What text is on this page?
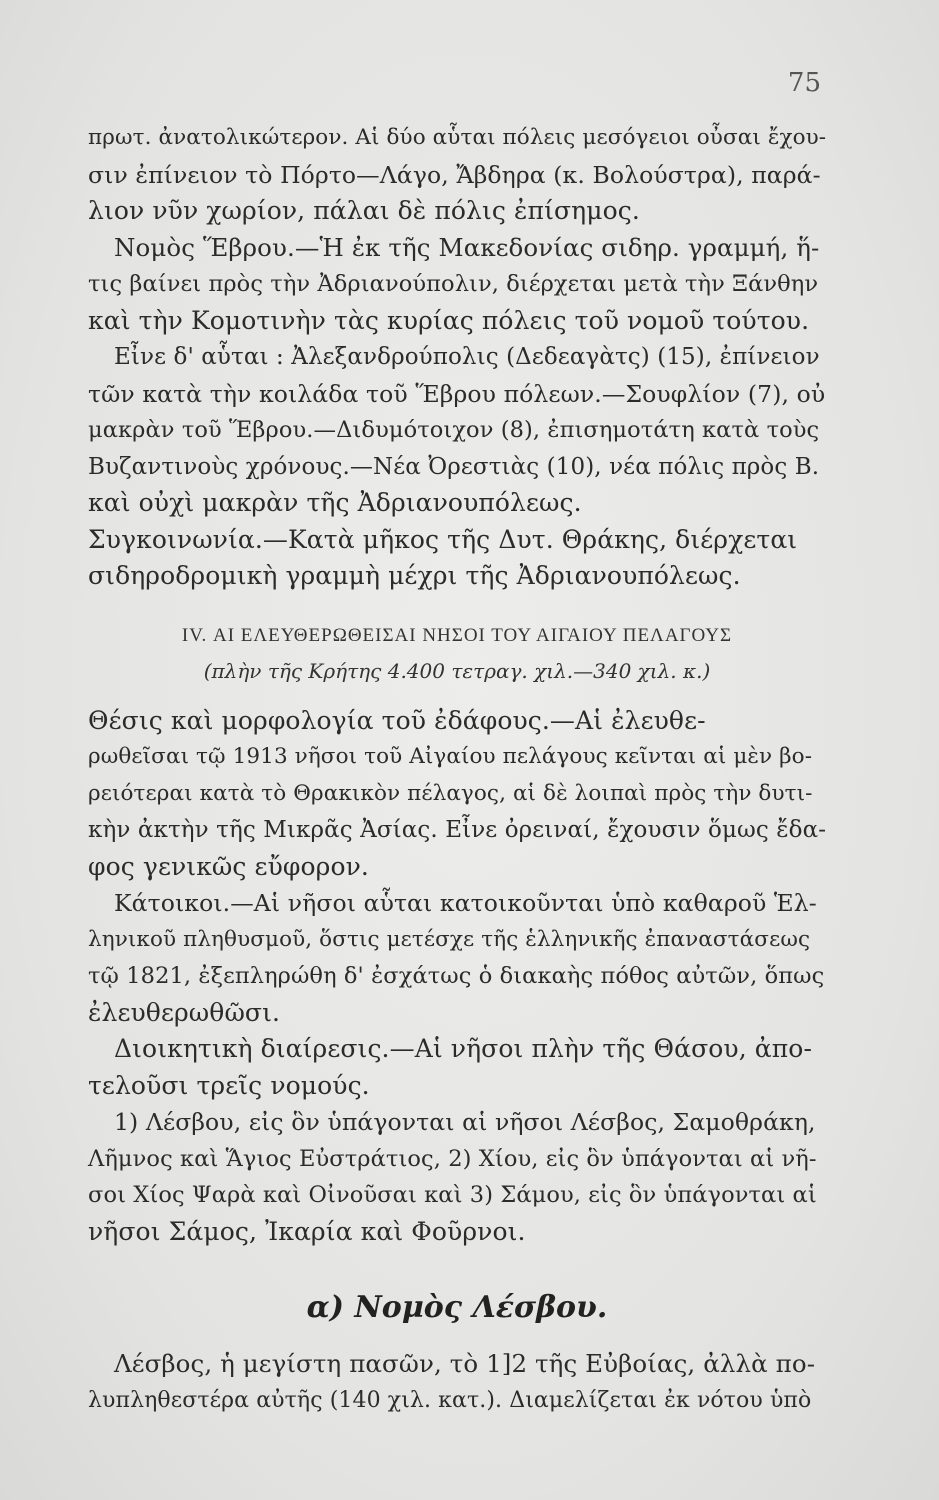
75
πρωτ. ἀνατολικώτερον. Αἱ δύο αὗται πόλεις μεσόγειοι οὖσαι ἔχου-
σιν ἐπίνειον τὸ Πόρτο—Λάγο, Ἄβδηρα (κ. Βολούστρα), παρά-
λιον νῦν χωρίον, πάλαι δὲ πόλις ἐπίσημος.
Νομὸς Ἕβρου.—Ἡ ἐκ τῆς Μακεδονίας σιδηρ. γραμμή, ἥ-
τις βαίνει πρὸς τὴν Ἀδριανούπολιν, διέρχεται μετὰ τὴν Ξάνθην
καὶ τὴν Κομοτινὴν τὰς κυρίας πόλεις τοῦ νομοῦ τούτου.
Εἶνε δ' αὗται : Ἀλεξανδρούπολις (Δεδεαγὰτς) (15), ἐπίνειον
τῶν κατὰ τὴν κοιλάδα τοῦ Ἕβρου πόλεων.—Σουφλίον (7), οὐ
μακρὰν τοῦ Ἕβρου.—Διδυμότοιχον (8), ἐπισημοτάτη κατὰ τοὺς
Βυζαντινοὺς χρόνους.—Νέα Ὀρεστιὰς (10), νέα πόλις πρὸς Β.
καὶ οὐχὶ μακρὰν τῆς Ἀδριανουπόλεως.
Συγκοινωνία.—Κατὰ μῆκος τῆς Δυτ. Θράκης, διέρχεται
σιδηροδρομικὴ γραμμὴ μέχρι τῆς Ἀδριανουπόλεως.
IV. ΑΙ ΕΛΕΥΘΕΡΩΘΕΙΣΑΙ ΝΗΣΟΙ ΤΟΥ ΑΙΓΑΙΟΥ ΠΕΛΑΓΟΥΣ
(πλὴν τῆς Κρήτης 4.400 τετραγ. χιλ.—340 χιλ. κ.)
Θέσις καὶ μορφολογία τοῦ ἐδάφους.—Αἱ ἐλευθε-
ρωθεῖσαι τῷ 1913 νῆσοι τοῦ Αἰγαίου πελάγους κεῖνται αἱ μὲν βο-
ρειότεραι κατὰ τὸ Θρακικὸν πέλαγος, αἱ δὲ λοιπαὶ πρὸς τὴν δυτι-
κὴν ἀκτὴν τῆς Μικρᾶς Ἀσίας. Εἶνε ὀρειναί, ἔχουσιν ὅμως ἔδα-
φος γενικῶς εὔφορον.
Κάτοικοι.—Αἱ νῆσοι αὗται κατοικοῦνται ὑπὸ καθαροῦ Ἑλ-
ληνικοῦ πληθυσμοῦ, ὅστις μετέσχε τῆς ἑλληνικῆς ἐπαναστάσεως
τῷ 1821, ἐξεπληρώθη δ' ἐσχάτως ὁ διακαὴς πόθος αὐτῶν, ὅπως
ἐλευθερωθῶσι.
Διοικητικὴ διαίρεσις.—Αἱ νῆσοι πλὴν τῆς Θάσου, ἀπο-
τελοῦσι τρεῖς νομούς.
1) Λέσβου, εἰς ὃν ὑπάγονται αἱ νῆσοι Λέσβος, Σαμοθράκη,
Λῆμνος καὶ Ἅγιος Εὐστράτιος, 2) Χίου, εἰς ὃν ὑπάγονται αἱ νῆ-
σοι Χίος Ψαρὰ καὶ Οἰνοῦσαι καὶ 3) Σάμου, εἰς ὃν ὑπάγονται αἱ
νῆσοι Σάμος, Ἰκαρία καὶ Φοῦρνοι.
α) Νομὸς Λέσβου.
Λέσβος, ἡ μεγίστη πασῶν, τὸ 1]2 τῆς Εὐβοίας, ἀλλὰ πο-
λυπληθεστέρα αὐτῆς (140 χιλ. κατ.). Διαμελίζεται ἐκ νότου ὑπὸ
